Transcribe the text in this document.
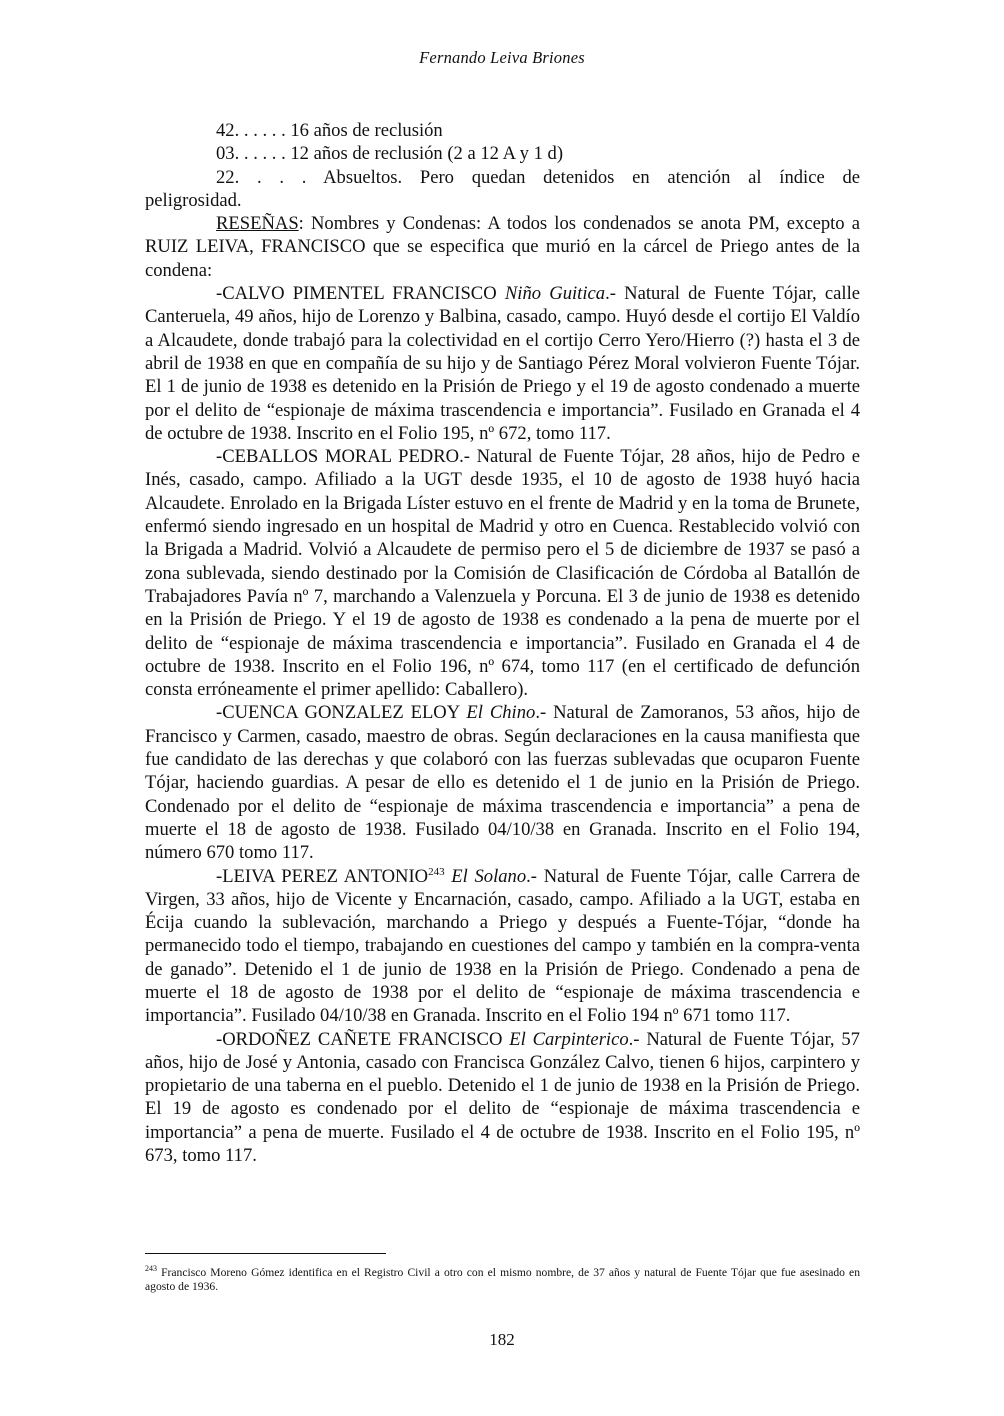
Fernando Leiva Briones

42. . . . . . 16 años de reclusión

03. . . . . . 12 años de reclusión (2 a 12 A y 1 d)

22. . . . Absueltos. Pero quedan detenidos en atención al índice de

peligrosidad.

RESEÑAS: Nombres y Condenas: A todos los condenados se anota PM, excepto a RUIZ LEIVA, FRANCISCO que se especifica que murió en la cárcel de Priego antes de la condena:

-CALVO PIMENTEL FRANCISCO Niño Guitica.- Natural de Fuente Tójar, calle Canteruela, 49 años, hijo de Lorenzo y Balbina, casado, campo. Huyó desde el cortijo El Valdío a Alcaudete, donde trabajó para la colectividad en el cortijo Cerro Yero/Hierro (?) hasta el 3 de abril de 1938 en que en compañía de su hijo y de Santiago Pérez Moral volvieron Fuente Tójar. El 1 de junio de 1938 es detenido en la Prisión de Priego y el 19 de agosto condenado a muerte por el delito de “espionaje de máxima trascendencia e importancia”. Fusilado en Granada el 4 de octubre de 1938. Inscrito en el Folio 195, nº 672, tomo 117.

-CEBALLOS MORAL PEDRO.- Natural de Fuente Tójar, 28 años, hijo de Pedro e Inés, casado, campo. Afiliado a la UGT desde 1935, el 10 de agosto de 1938 huyó hacia Alcaudete. Enrolado en la Brigada Líster estuvo en el frente de Madrid y en la toma de Brunete, enfermó siendo ingresado en un hospital de Madrid y otro en Cuenca. Restablecido volvió con la Brigada a Madrid. Volvió a Alcaudete de permiso pero el 5 de diciembre de 1937 se pasó a zona sublevada, siendo destinado por la Comisión de Clasificación de Córdoba al Batallón de Trabajadores Pavía nº 7, marchando a Valenzuela y Porcuna. El 3 de junio de 1938 es detenido en la Prisión de Priego. Y el 19 de agosto de 1938 es condenado a la pena de muerte por el delito de “espionaje de máxima trascendencia e importancia”. Fusilado en Granada el 4 de octubre de 1938. Inscrito en el Folio 196, nº 674, tomo 117 (en el certificado de defunción consta erróneamente el primer apellido: Caballero).

-CUENCA GONZALEZ ELOY El Chino.- Natural de Zamoranos, 53 años, hijo de Francisco y Carmen, casado, maestro de obras. Según declaraciones en la causa manifiesta que fue candidato de las derechas y que colaboró con las fuerzas sublevadas que ocuparon Fuente Tójar, haciendo guardias. A pesar de ello es detenido el 1 de junio en la Prisión de Priego. Condenado por el delito de “espionaje de máxima trascendencia e importancia” a pena de muerte el 18 de agosto de 1938. Fusilado 04/10/38 en Granada. Inscrito en el Folio 194, número 670 tomo 117.

-LEIVA PEREZ ANTONIO$^{243}$ El Solano.- Natural de Fuente Tójar, calle Carrera de Virgen, 33 años, hijo de Vicente y Encarnación, casado, campo. Afiliado a la UGT, estaba en Écija cuando la sublevación, marchando a Priego y después a Fuente-Tójar, “donde ha permanecido todo el tiempo, trabajando en cuestiones del campo y también en la compra-venta de ganado”. Detenido el 1 de junio de 1938 en la Prisión de Priego. Condenado a pena de muerte el 18 de agosto de 1938 por el delito de “espionaje de máxima trascendencia e importancia”. Fusilado 04/10/38 en Granada. Inscrito en el Folio 194 nº 671 tomo 117.

-ORDOÑEZ CAÑETE FRANCISCO El Carpinterico.- Natural de Fuente Tójar, 57 años, hijo de José y Antonia, casado con Francisca González Calvo, tienen 6 hijos, carpintero y propietario de una taberna en el pueblo. Detenido el 1 de junio de 1938 en la Prisión de Priego. El 19 de agosto es condenado por el delito de “espionaje de máxima trascendencia e importancia” a pena de muerte. Fusilado el 4 de octubre de 1938. Inscrito en el Folio 195, nº 673, tomo 117.

$^{243}$ Francisco Moreno Gómez identifica en el Registro Civil a otro con el mismo nombre, de 37 años y natural de Fuente Tójar que fue asesinado en agosto de 1936.
182
